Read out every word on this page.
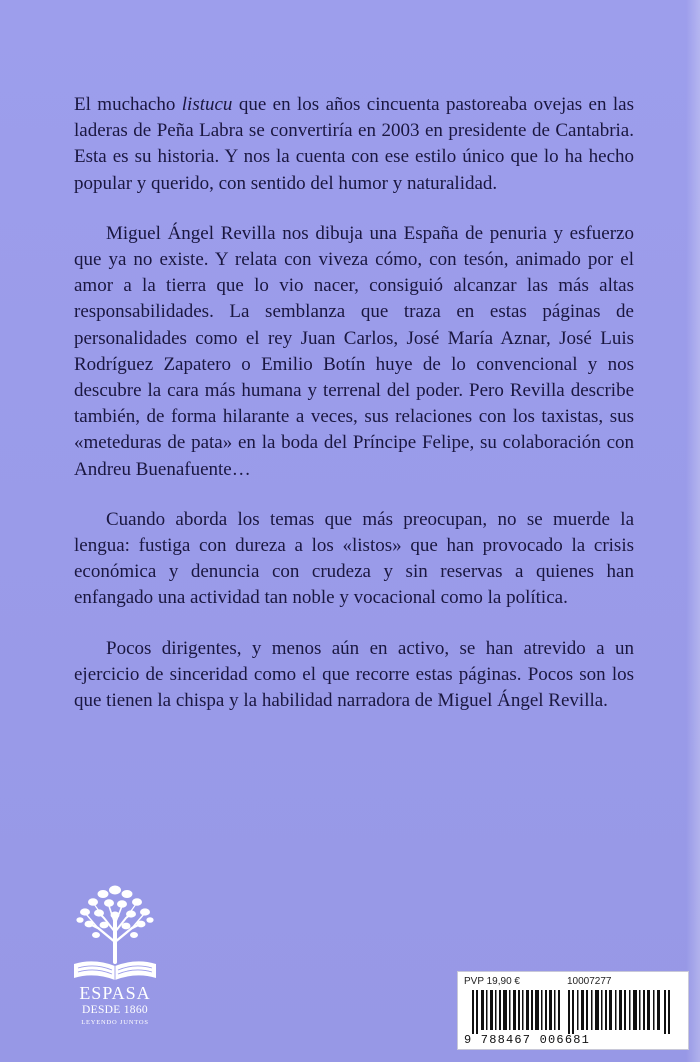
El muchacho listucu que en los años cincuenta pastoreaba ovejas en las laderas de Peña Labra se convertiría en 2003 en presidente de Cantabria. Esta es su historia. Y nos la cuenta con ese estilo único que lo ha hecho popular y querido, con sentido del humor y naturalidad.

Miguel Ángel Revilla nos dibuja una España de penuria y esfuerzo que ya no existe. Y relata con viveza cómo, con tesón, animado por el amor a la tierra que lo vio nacer, consiguió alcanzar las más altas responsabilidades. La semblanza que traza en estas páginas de personalidades como el rey Juan Carlos, José María Aznar, José Luis Rodríguez Zapatero o Emilio Botín huye de lo convencional y nos descubre la cara más humana y terrenal del poder. Pero Revilla describe también, de forma hilarante a veces, sus relaciones con los taxistas, sus «meteduras de pata» en la boda del Príncipe Felipe, su colaboración con Andreu Buenafuente…

Cuando aborda los temas que más preocupan, no se muerde la lengua: fustiga con dureza a los «listos» que han provocado la crisis económica y denuncia con crudeza y sin reservas a quienes han enfangado una actividad tan noble y vocacional como la política.

Pocos dirigentes, y menos aún en activo, se han atrevido a un ejercicio de sinceridad como el que recorre estas páginas. Pocos son los que tienen la chispa y la habilidad narradora de Miguel Ángel Revilla.

ESPASA
DESDE 1860
LEYENDO JUNTOS
PVP 19,90 €	10007277
9 788467 006681
